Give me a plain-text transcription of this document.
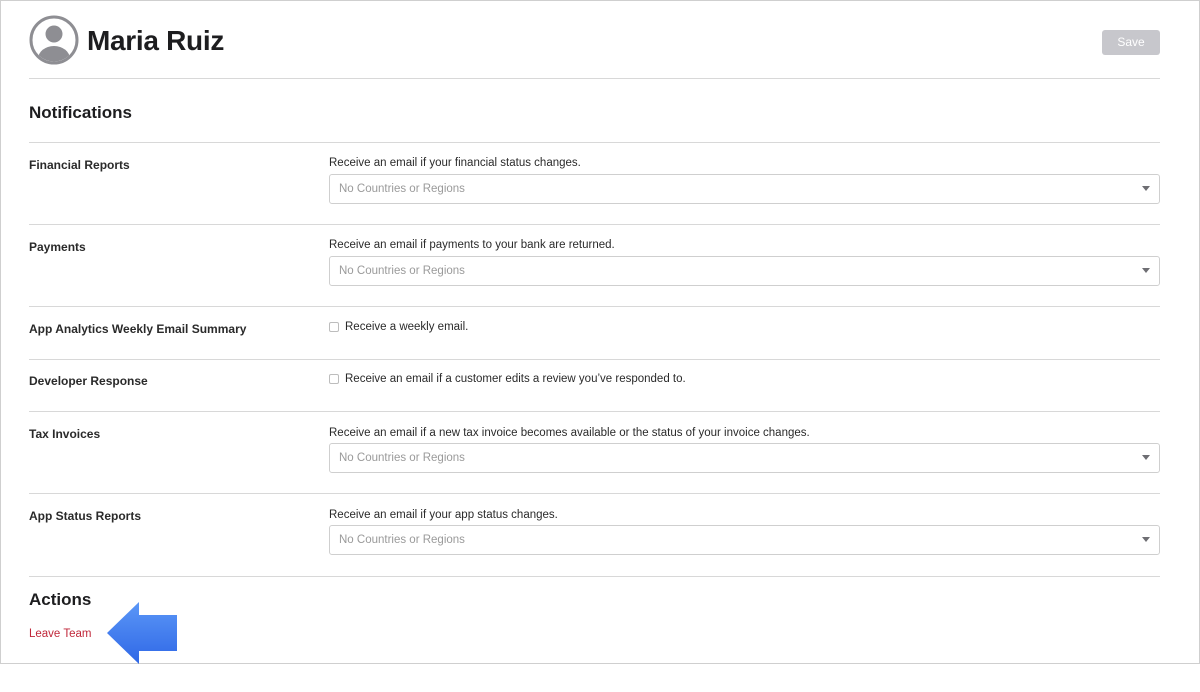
Maria Ruiz	Save
Notifications
Financial Reports	Receive an email if your financial status changes.
No Countries or Regions
Payments	Receive an email if payments to your bank are returned.
No Countries or Regions
App Analytics Weekly Email Summary	Receive a weekly email.
Developer Response	Receive an email if a customer edits a review you’ve responded to.
Tax Invoices	Receive an email if a new tax invoice becomes available or the status of your invoice changes.
No Countries or Regions
App Status Reports	Receive an email if your app status changes.
No Countries or Regions
Actions
Leave Team
